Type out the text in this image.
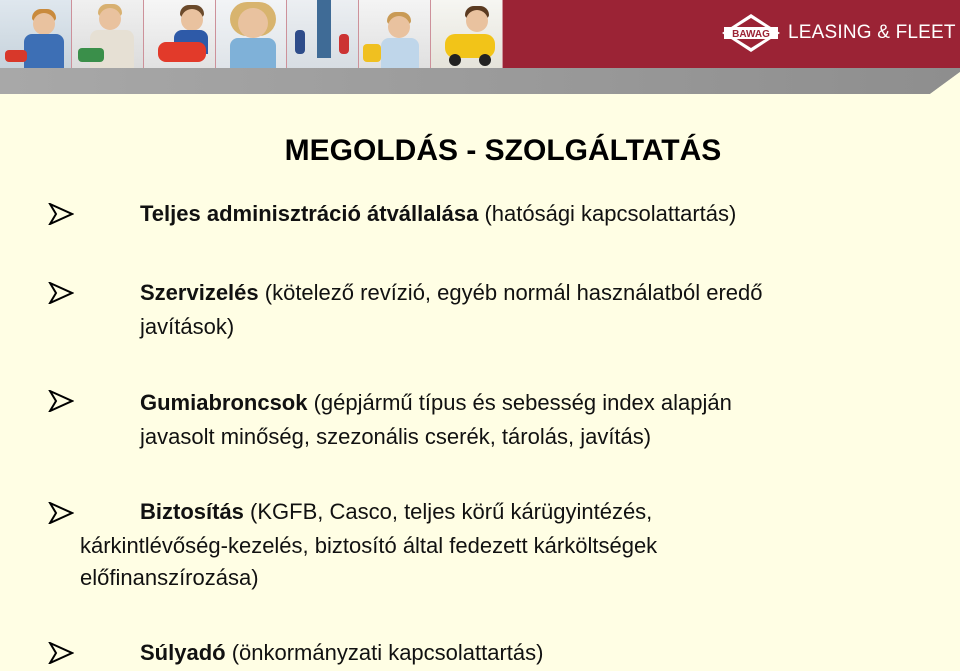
BAWAG LEASING & FLEET
MEGOLDÁS - SZOLGÁLTATÁS
Teljes adminisztráció átvállalása (hatósági kapcsolattartás)
Szervizelés (kötelező revízió, egyéb normál használatból eredő
javítások)
Gumiabroncsok (gépjármű típus és sebesség index alapján
javasolt minőség, szezonális cserék, tárolás, javítás)
Biztosítás (KGFB, Casco, teljes körű kárügyintézés,
kárkintlévőség-kezelés, biztosító által fedezett kárköltségek
előfinanszírozása)
Súlyadó (önkormányzati kapcsolattartás)
